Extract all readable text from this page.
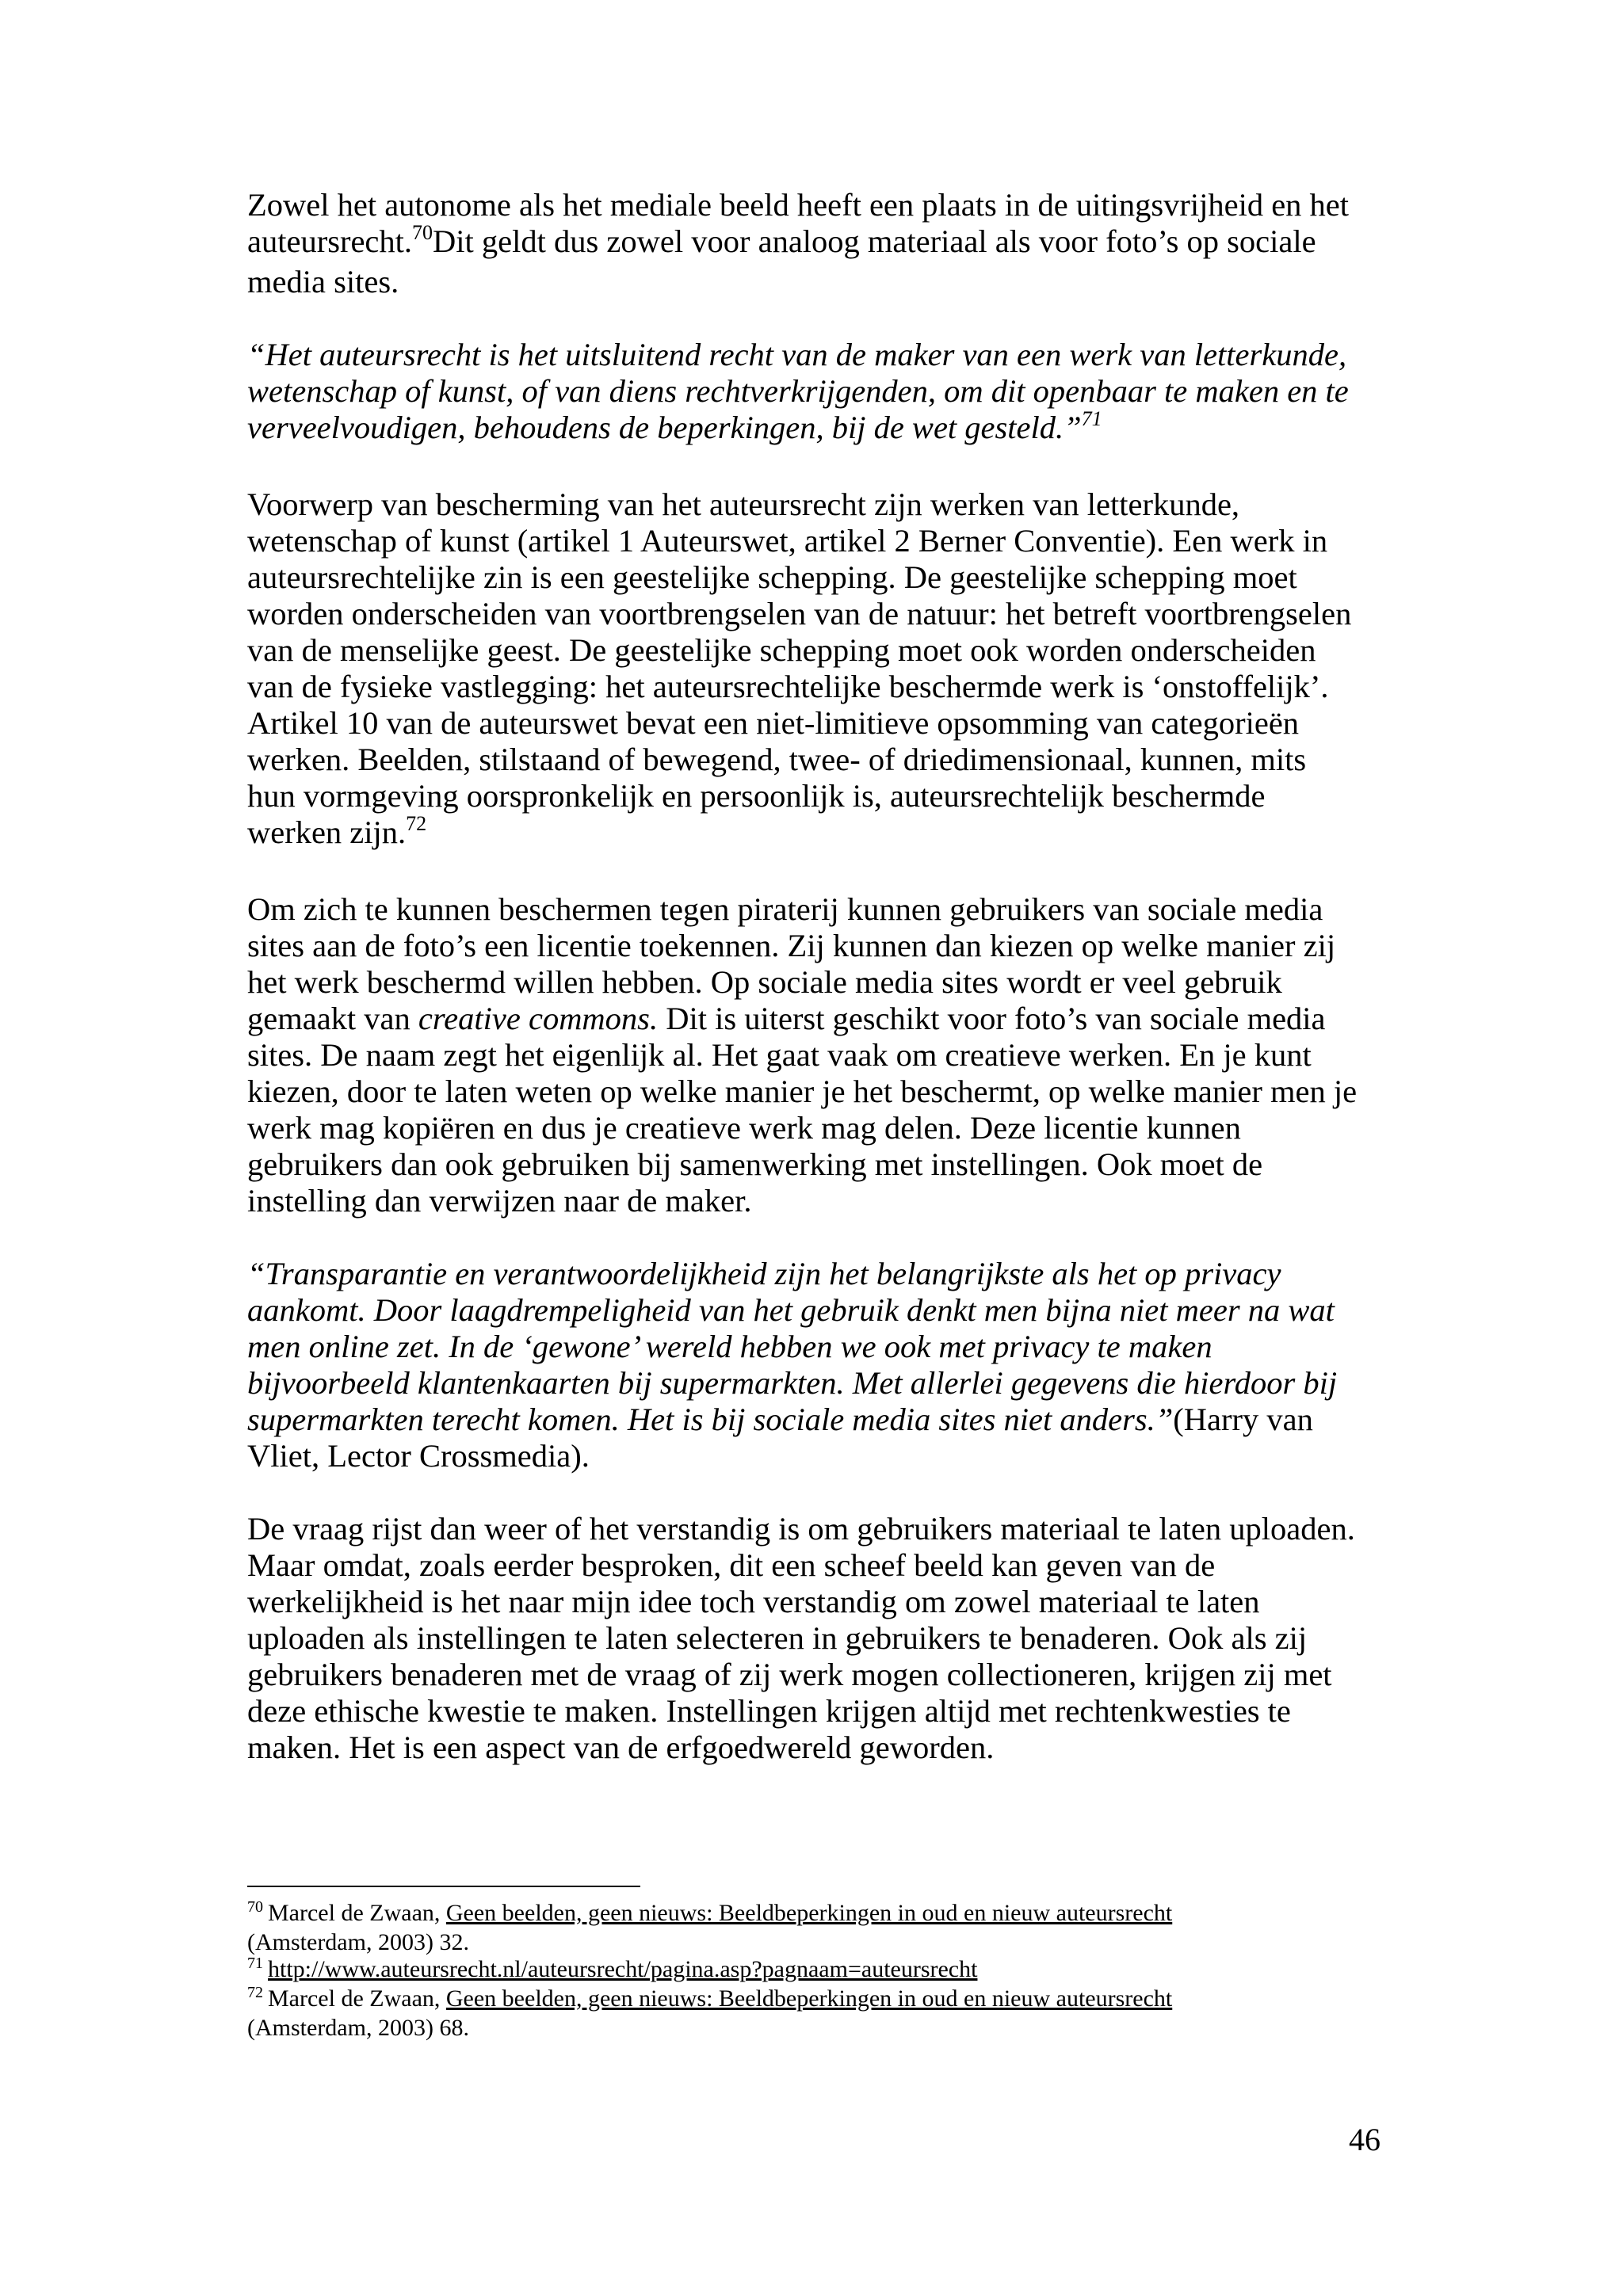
Zowel het autonome als het mediale beeld heeft een plaats in de uitingsvrijheid en het
auteursrecht.$^{70}$Dit geldt dus zowel voor analoog materiaal als voor foto’s op sociale
media sites.

“Het auteursrecht is het uitsluitend recht van de maker van een werk van letterkunde,
wetenschap of kunst, of van diens rechtverkrijgenden, om dit openbaar te maken en te
verveelvoudigen, behoudens de beperkingen, bij de wet gesteld.”$^{71}$

Voorwerp van bescherming van het auteursrecht zijn werken van letterkunde,
wetenschap of kunst (artikel 1 Auteurswet, artikel 2 Berner Conventie). Een werk in
auteursrechtelijke zin is een geestelijke schepping. De geestelijke schepping moet
worden onderscheiden van voortbrengselen van de natuur: het betreft voortbrengselen
van de menselijke geest. De geestelijke schepping moet ook worden onderscheiden
van de fysieke vastlegging: het auteursrechtelijke beschermde werk is ‘onstoffelijk’.
Artikel 10 van de auteurswet bevat een niet-limitieve opsomming van categorieën
werken. Beelden, stilstaand of bewegend, twee- of driedimensionaal, kunnen, mits
hun vormgeving oorspronkelijk en persoonlijk is, auteursrechtelijk beschermde
werken zijn.$^{72}$

Om zich te kunnen beschermen tegen piraterij kunnen gebruikers van sociale media
sites aan de foto’s een licentie toekennen. Zij kunnen dan kiezen op welke manier zij
het werk beschermd willen hebben. Op sociale media sites wordt er veel gebruik
gemaakt van creative commons. Dit is uiterst geschikt voor foto’s van sociale media
sites. De naam zegt het eigenlijk al. Het gaat vaak om creatieve werken. En je kunt
kiezen, door te laten weten op welke manier je het beschermt, op welke manier men je
werk mag kopiëren en dus je creatieve werk mag delen. Deze licentie kunnen
gebruikers dan ook gebruiken bij samenwerking met instellingen. Ook moet de
instelling dan verwijzen naar de maker.

“Transparantie en verantwoordelijkheid zijn het belangrijkste als het op privacy
aankomt. Door laagdrempeligheid van het gebruik denkt men bijna niet meer na wat
men online zet. In de ‘gewone’ wereld hebben we ook met privacy te maken
bijvoorbeeld klantenkaarten bij supermarkten. Met allerlei gegevens die hierdoor bij
supermarkten terecht komen. Het is bij sociale media sites niet anders.”(Harry van
Vliet, Lector Crossmedia).

De vraag rijst dan weer of het verstandig is om gebruikers materiaal te laten uploaden.
Maar omdat, zoals eerder besproken, dit een scheef beeld kan geven van de
werkelijkheid is het naar mijn idee toch verstandig om zowel materiaal te laten
uploaden als instellingen te laten selecteren in gebruikers te benaderen. Ook als zij
gebruikers benaderen met de vraag of zij werk mogen collectioneren, krijgen zij met
deze ethische kwestie te maken. Instellingen krijgen altijd met rechtenkwesties te
maken. Het is een aspect van de erfgoedwereld geworden.

$^{70}$ Marcel de Zwaan, Geen beelden, geen nieuws: Beeldbeperkingen in oud en nieuw auteursrecht
(Amsterdam, 2003) 32.
$^{71}$ http://www.auteursrecht.nl/auteursrecht/pagina.asp?pagnaam=auteursrecht
$^{72}$ Marcel de Zwaan, Geen beelden, geen nieuws: Beeldbeperkingen in oud en nieuw auteursrecht
(Amsterdam, 2003) 68.
46
